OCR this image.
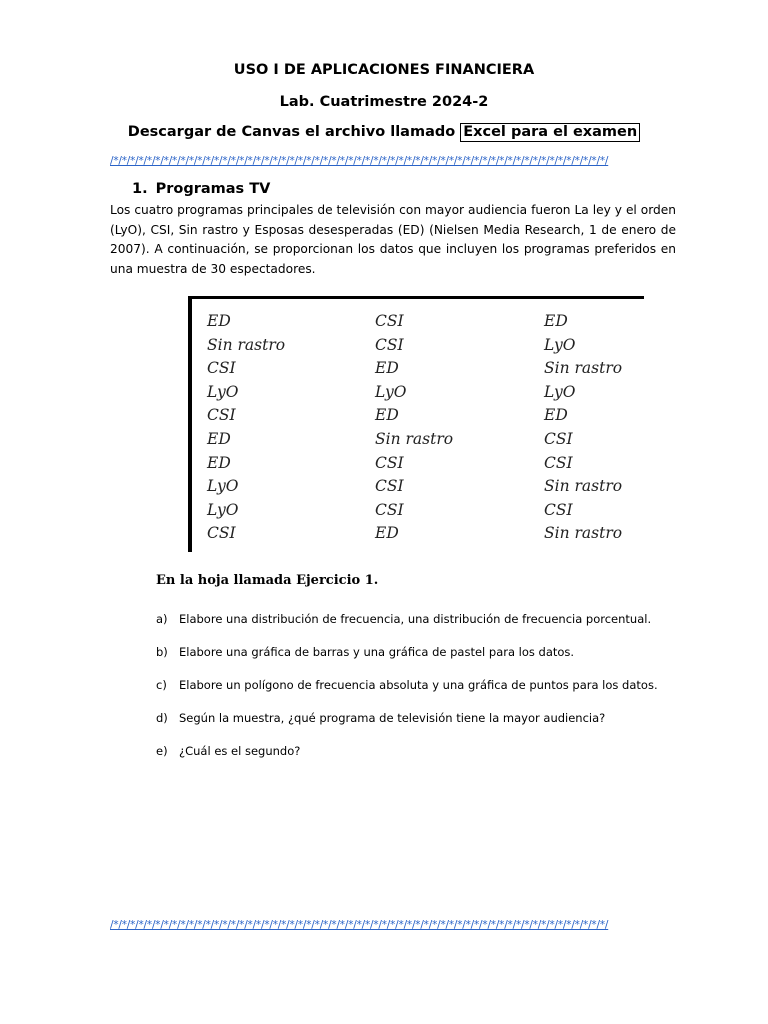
USO I DE APLICACIONES FINANCIERA
Lab. Cuatrimestre 2024-2
Descargar de Canvas el archivo llamado Excel para el examen
/*/*/*/*/*/*/*/*/*/*/*/*/*/*/*/*/*/*/*/*/*/*/*/*/*/*/*/*/*/*/*/*/*/*/*/*/*/*/*/*/*/*/*/*/*/*/*/*/*/*/*/*/*/*/*/*/*/*/*/
1. Programas TV
Los cuatro programas principales de televisión con mayor audiencia fueron La ley y el orden (LyO), CSI, Sin rastro y Esposas desesperadas (ED) (Nielsen Media Research, 1 de enero de 2007). A continuación, se proporcionan los datos que incluyen los programas preferidos en una muestra de 30 espectadores.
ED	CSI	ED
Sin rastro	CSI	LyO
CSI	ED	Sin rastro
LyO	LyO	LyO
CSI	ED	ED
ED	Sin rastro	CSI
ED	CSI	CSI
LyO	CSI	Sin rastro
LyO	CSI	CSI
CSI	ED	Sin rastro
En la hoja llamada Ejercicio 1.
a) Elabore una distribución de frecuencia, una distribución de frecuencia porcentual.
b) Elabore una gráfica de barras y una gráfica de pastel para los datos.
c) Elabore un polígono de frecuencia absoluta y una gráfica de puntos para los datos.
d) Según la muestra, ¿qué programa de televisión tiene la mayor audiencia?
e) ¿Cuál es el segundo?
/*/*/*/*/*/*/*/*/*/*/*/*/*/*/*/*/*/*/*/*/*/*/*/*/*/*/*/*/*/*/*/*/*/*/*/*/*/*/*/*/*/*/*/*/*/*/*/*/*/*/*/*/*/*/*/*/*/*/*/
